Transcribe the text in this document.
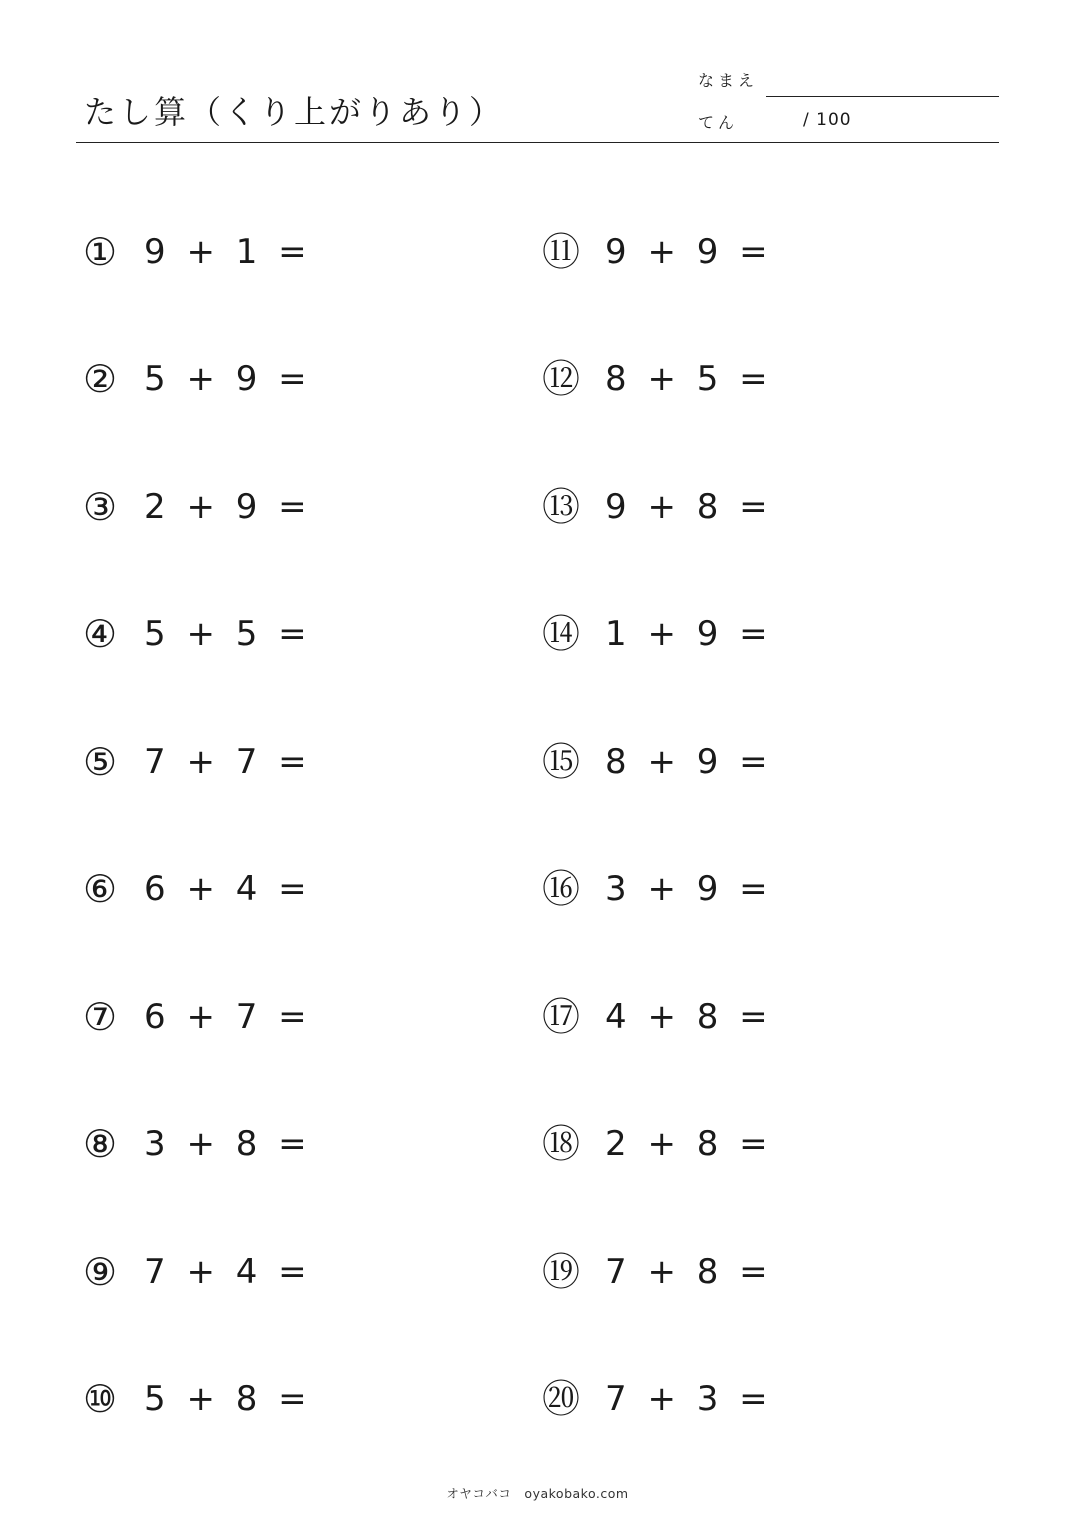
たし算（くり上がりあり）
なまえ
てん	/ 100
① 9 + 1 =
② 5 + 9 =
③ 2 + 9 =
④ 5 + 5 =
⑤ 7 + 7 =
⑥ 6 + 4 =
⑦ 6 + 7 =
⑧ 3 + 8 =
⑨ 7 + 4 =
⑩ 5 + 8 =
⑪ 9 + 9 =
⑫ 8 + 5 =
⑬ 9 + 8 =
⑭ 1 + 9 =
⑮ 8 + 9 =
⑯ 3 + 9 =
⑰ 4 + 8 =
⑱ 2 + 8 =
⑲ 7 + 8 =
⑳ 7 + 3 =
オヤコバコ　oyakobako.com
